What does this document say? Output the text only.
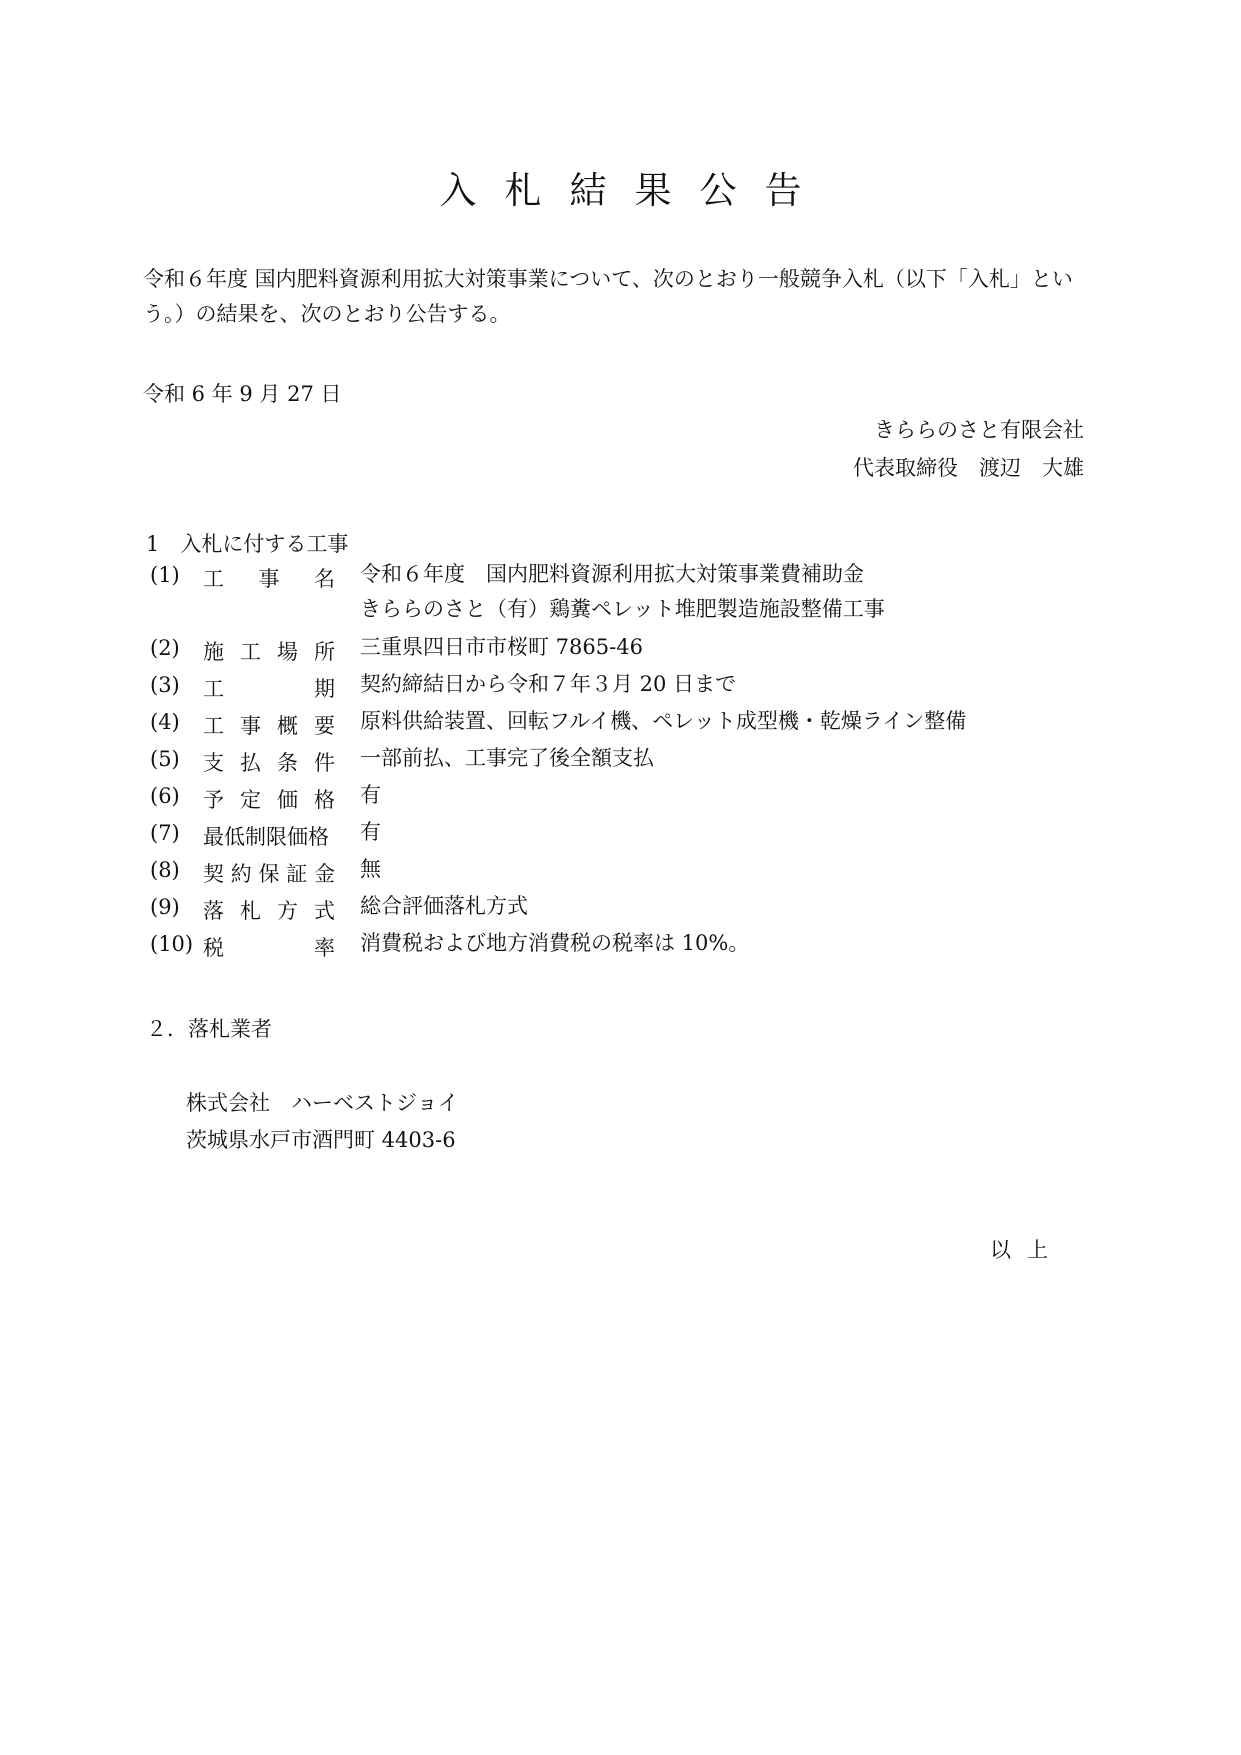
入札結果公告

令和６年度 国内肥料資源利用拡大対策事業について、次のとおり一般競争入札（以下「入札」という。）の結果を、次のとおり公告する。

令和 6 年 9 月 27 日

きららのさと有限会社

代表取締役　渡辺　大雄

1　入札に付する工事

(1) 工 事 名 令和６年度　国内肥料資源利用拡大対策事業費補助金
きららのさと（有）鶏糞ペレット堆肥製造施設整備工事
(2) 施 工 場 所 三重県四日市市桜町 7865-46
(3) 工	期 契約締結日から令和７年３月 20 日まで
(4) 工 事 概 要 原料供給装置、回転フルイ機、ペレット成型機・乾燥ライン整備
(5) 支 払 条 件 一部前払、工事完了後全額支払
(6) 予 定 価 格 有
(7) 最低制限価格 有
(8) 契 約 保 証 金 無
(9) 落 札 方 式 総合評価落札方式
(10) 税	率 消費税および地方消費税の税率は 10%。

２．落札業者

株式会社　ハーベストジョイ

茨城県水戸市酒門町 4403-6

以上
